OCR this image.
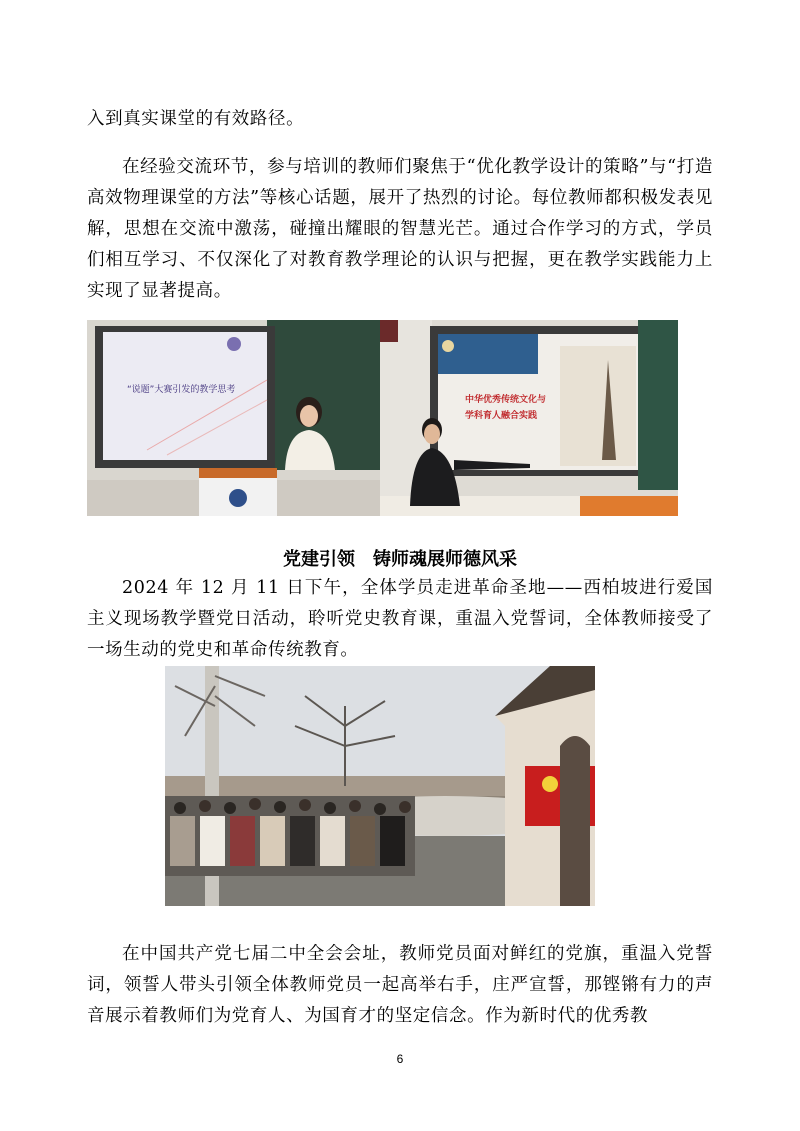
入到真实课堂的有效路径。

在经验交流环节，参与培训的教师们聚焦于“优化教学设计的策略”与“打造高效物理课堂的方法”等核心话题，展开了热烈的讨论。每位教师都积极发表见解，思想在交流中激荡，碰撞出耀眼的智慧光芒。通过合作学习的方式，学员们相互学习、不仅深化了对教育教学理论的认识与把握，更在教学实践能力上实现了显著提高。

“说题”大赛引发的教学思考
中华优秀传统文化与
学科育人融合实践
党建引领　铸师魂展师德风采

2024 年 12 月 11 日下午，全体学员走进革命圣地——西柏坡进行爱国主义现场教学暨党日活动，聆听党史教育课，重温入党誓词，全体教师接受了一场生动的党史和革命传统教育。

在中国共产党七届二中全会会址，教师党员面对鲜红的党旗，重温入党誓词，领誓人带头引领全体教师党员一起高举右手，庄严宣誓，那铿锵有力的声音展示着教师们为党育人、为国育才的坚定信念。作为新时代的优秀教

6
